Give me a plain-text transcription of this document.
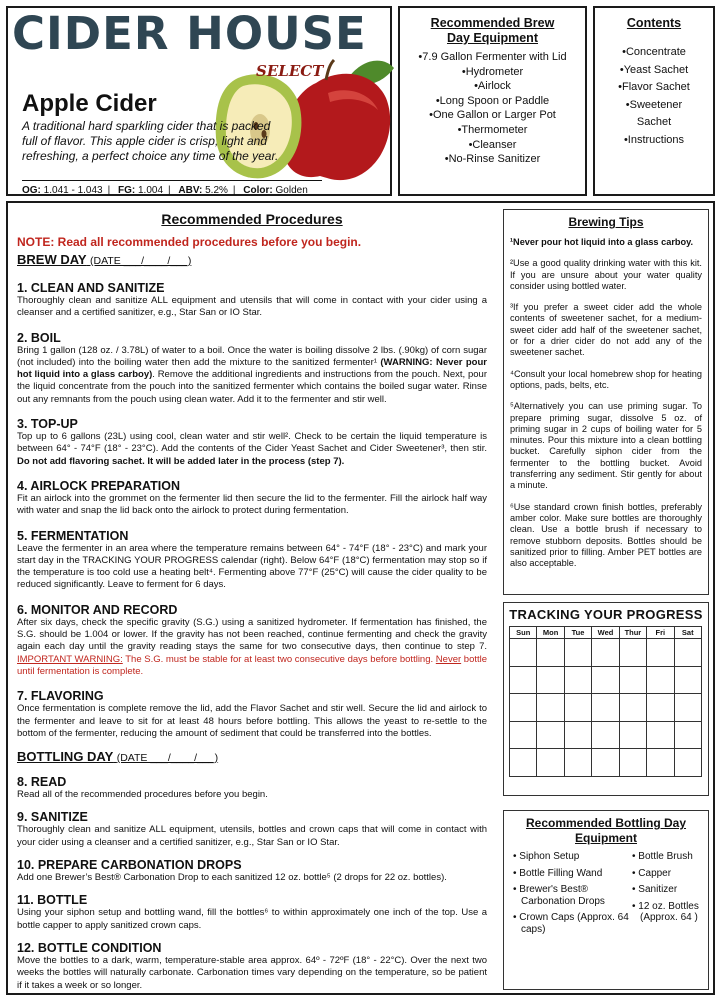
CIDER HOUSE
SELECT
Apple Cider
A traditional hard sparkling cider that is packed full of flavor. This apple cider is crisp, light and refreshing, a perfect choice any time of the year.
OG: 1.041 - 1.043 | FG: 1.004 | ABV: 5.2% | Color: Golden
Recommended Brew Day Equipment
•7.9 Gallon Fermenter with Lid
•Hydrometer
•Airlock
•Long Spoon or Paddle
•One Gallon or Larger Pot
•Thermometer
•Cleanser
•No-Rinse Sanitizer
Contents
•Concentrate
•Yeast Sachet
•Flavor Sachet
•Sweetener Sachet
•Instructions
Recommended Procedures
NOTE: Read all recommended procedures before you begin.
BREW DAY (DATE ___/____/___)
1. CLEAN AND SANITIZE
Thoroughly clean and sanitize ALL equipment and utensils that will come in contact with your cider using a cleanser and a certified sanitizer, e.g., Star San or IO Star.
2. BOIL
Bring 1 gallon (128 oz. / 3.78L) of water to a boil. Once the water is boiling dissolve 2 lbs. (.90kg) of corn sugar (not included) into the boiling water then add the mixture to the sanitized fermenter¹ (WARNING: Never pour hot liquid into a glass carboy). Remove the additional ingredients and instructions from the pouch. Next, pour the liquid concentrate from the pouch into the sanitized fermenter which contains the boiled sugar water. Rinse out any remnants from the pouch using clean water. Add it to the fermenter and stir well.
3. TOP-UP
Top up to 6 gallons (23L) using cool, clean water and stir well². Check to be certain the liquid temperature is between 64° - 74°F (18° - 23°C). Add the contents of the Cider Yeast Sachet and Cider Sweetener³, then stir. Do not add flavoring sachet. It will be added later in the process (step 7).
4. AIRLOCK PREPARATION
Fit an airlock into the grommet on the fermenter lid then secure the lid to the fermenter. Fill the airlock half way with water and snap the lid back onto the airlock to protect during fermentation.
5. FERMENTATION
Leave the fermenter in an area where the temperature remains between 64° - 74°F (18° - 23°C) and mark your start day in the TRACKING YOUR PROGRESS calendar (right). Below 64°F (18°C) fermentation may stop so if the temperature is too cold use a heating belt⁴. Fermenting above 77°F (25°C) will cause the cider quality to be reduced significantly. Leave to ferment for 6 days.
6. MONITOR AND RECORD
After six days, check the specific gravity (S.G.) using a sanitized hydrometer. If fermentation has finished, the S.G. should be 1.004 or lower. If the gravity has not been reached, continue fermenting and check the gravity again each day until the gravity reading stays the same for two consecutive days, then continue to step 7. IMPORTANT WARNING: The S.G. must be stable for at least two consecutive days before bottling. Never bottle until fermentation is complete.
7. FLAVORING
Once fermentation is complete remove the lid, add the Flavor Sachet and stir well. Secure the lid and airlock to the fermenter and leave to sit for at least 48 hours before bottling. This allows the yeast to re-settle to the bottom of the fermenter, reducing the amount of sediment that could be transferred into the bottles.
BOTTLING DAY (DATE ___/____/___)
8. READ
Read all of the recommended procedures before you begin.
9. SANITIZE
Thoroughly clean and sanitize ALL equipment, utensils, bottles and crown caps that will come in contact with your cider using a cleanser and a certified sanitizer, e.g., Star San or IO Star.
10. PREPARE CARBONATION DROPS
Add one Brewer’s Best® Carbonation Drop to each sanitized 12 oz. bottle⁵ (2 drops for 22 oz. bottles).
11. BOTTLE
Using your siphon setup and bottling wand, fill the bottles⁶ to within approximately one inch of the top. Use a bottle capper to apply sanitized crown caps.
12. BOTTLE CONDITION
Move the bottles to a dark, warm, temperature-stable area approx. 64º - 72ºF (18° - 22°C). Over the next two weeks the bottles will naturally carbonate. Carbonation times vary depending on the temperature, so be patient if it takes a week or so longer.
Brewing Tips
¹Never pour hot liquid into a glass carboy.
²Use a good quality drinking water with this kit. If you are unsure about your water quality consider using bottled water.
³If you prefer a sweet cider add the whole contents of sweetener sachet, for a medium-sweet cider add half of the sweetener sachet, or for a drier cider do not add any of the sweetener sachet.
⁴Consult your local homebrew shop for heating options, pads, belts, etc.
⁵Alternatively you can use priming sugar. To prepare priming sugar, dissolve 5 oz. of priming sugar in 2 cups of boiling water for 5 minutes. Pour this mixture into a clean bottling bucket. Carefully siphon cider from the fermenter to the bottling bucket. Avoid transferring any sediment. Stir gently for about a minute.
⁶Use standard crown finish bottles, preferably amber color. Make sure bottles are thoroughly clean. Use a bottle brush if necessary to remove stubborn deposits. Bottles should be sanitized prior to filling. Amber PET bottles are also acceptable.
TRACKING YOUR PROGRESS
Sun	Mon	Tue	Wed	Thur	Fri	Sat

Recommended Bottling Day Equipment
• Siphon Setup
• Bottle Filling Wand
• Brewer's Best® Carbonation Drops
• Crown Caps (Approx. 64 caps)
• Bottle Brush
• Capper
• Sanitizer
• 12 oz. Bottles (Approx. 64 )
